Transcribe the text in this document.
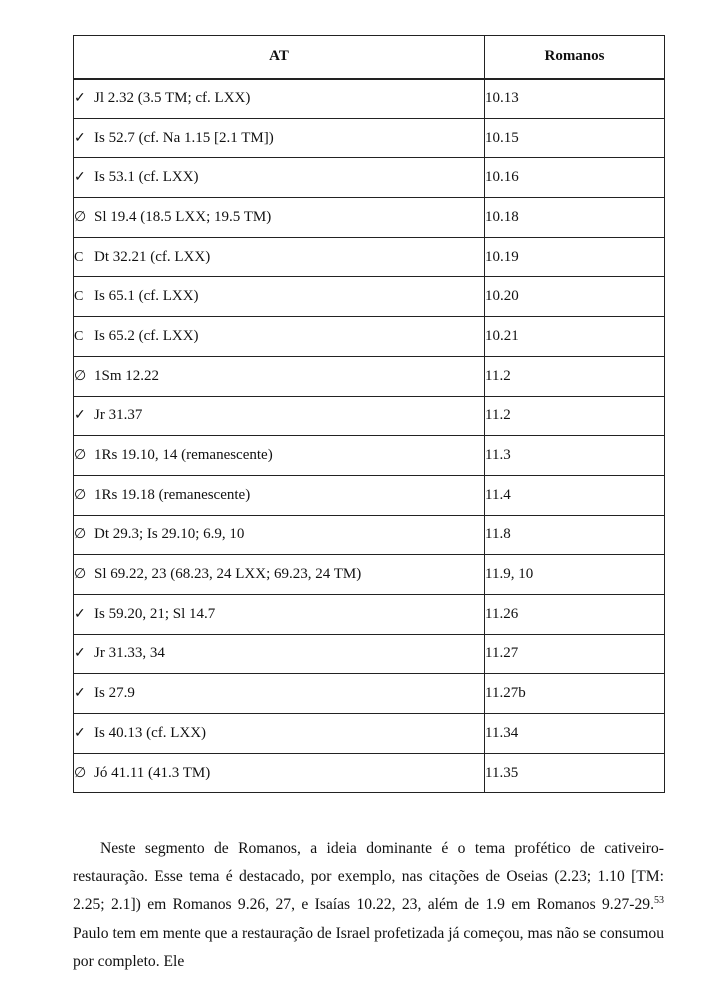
AT	Romanos
✓ Jl 2.32 (3.5 TM; cf. LXX)	10.13
✓ Is 52.7 (cf. Na 1.15 [2.1 TM])	10.15
✓ Is 53.1 (cf. LXX)	10.16
∅ Sl 19.4 (18.5 LXX; 19.5 TM)	10.18
C Dt 32.21 (cf. LXX)	10.19
C Is 65.1 (cf. LXX)	10.20
C Is 65.2 (cf. LXX)	10.21
∅ 1Sm 12.22	11.2
✓ Jr 31.37	11.2
∅ 1Rs 19.10, 14 (remanescente)	11.3
∅ 1Rs 19.18 (remanescente)	11.4
∅ Dt 29.3; Is 29.10; 6.9, 10	11.8
∅ Sl 69.22, 23 (68.23, 24 LXX; 69.23, 24 TM)	11.9, 10
✓ Is 59.20, 21; Sl 14.7	11.26
✓ Jr 31.33, 34	11.27
✓ Is 27.9	11.27b
✓ Is 40.13 (cf. LXX)	11.34
∅ Jó 41.11 (41.3 TM)	11.35

Neste segmento de Romanos, a ideia dominante é o tema profético de cativeiro-restauração. Esse tema é destacado, por exemplo, nas citações de Oseias (2.23; 1.10 [TM: 2.25; 2.1]) em Romanos 9.26, 27, e Isaías 10.22, 23, além de 1.9 em Romanos 9.27-29.53 Paulo tem em mente que a restauração de Israel profetizada já começou, mas não se consumou por completo. Ele
